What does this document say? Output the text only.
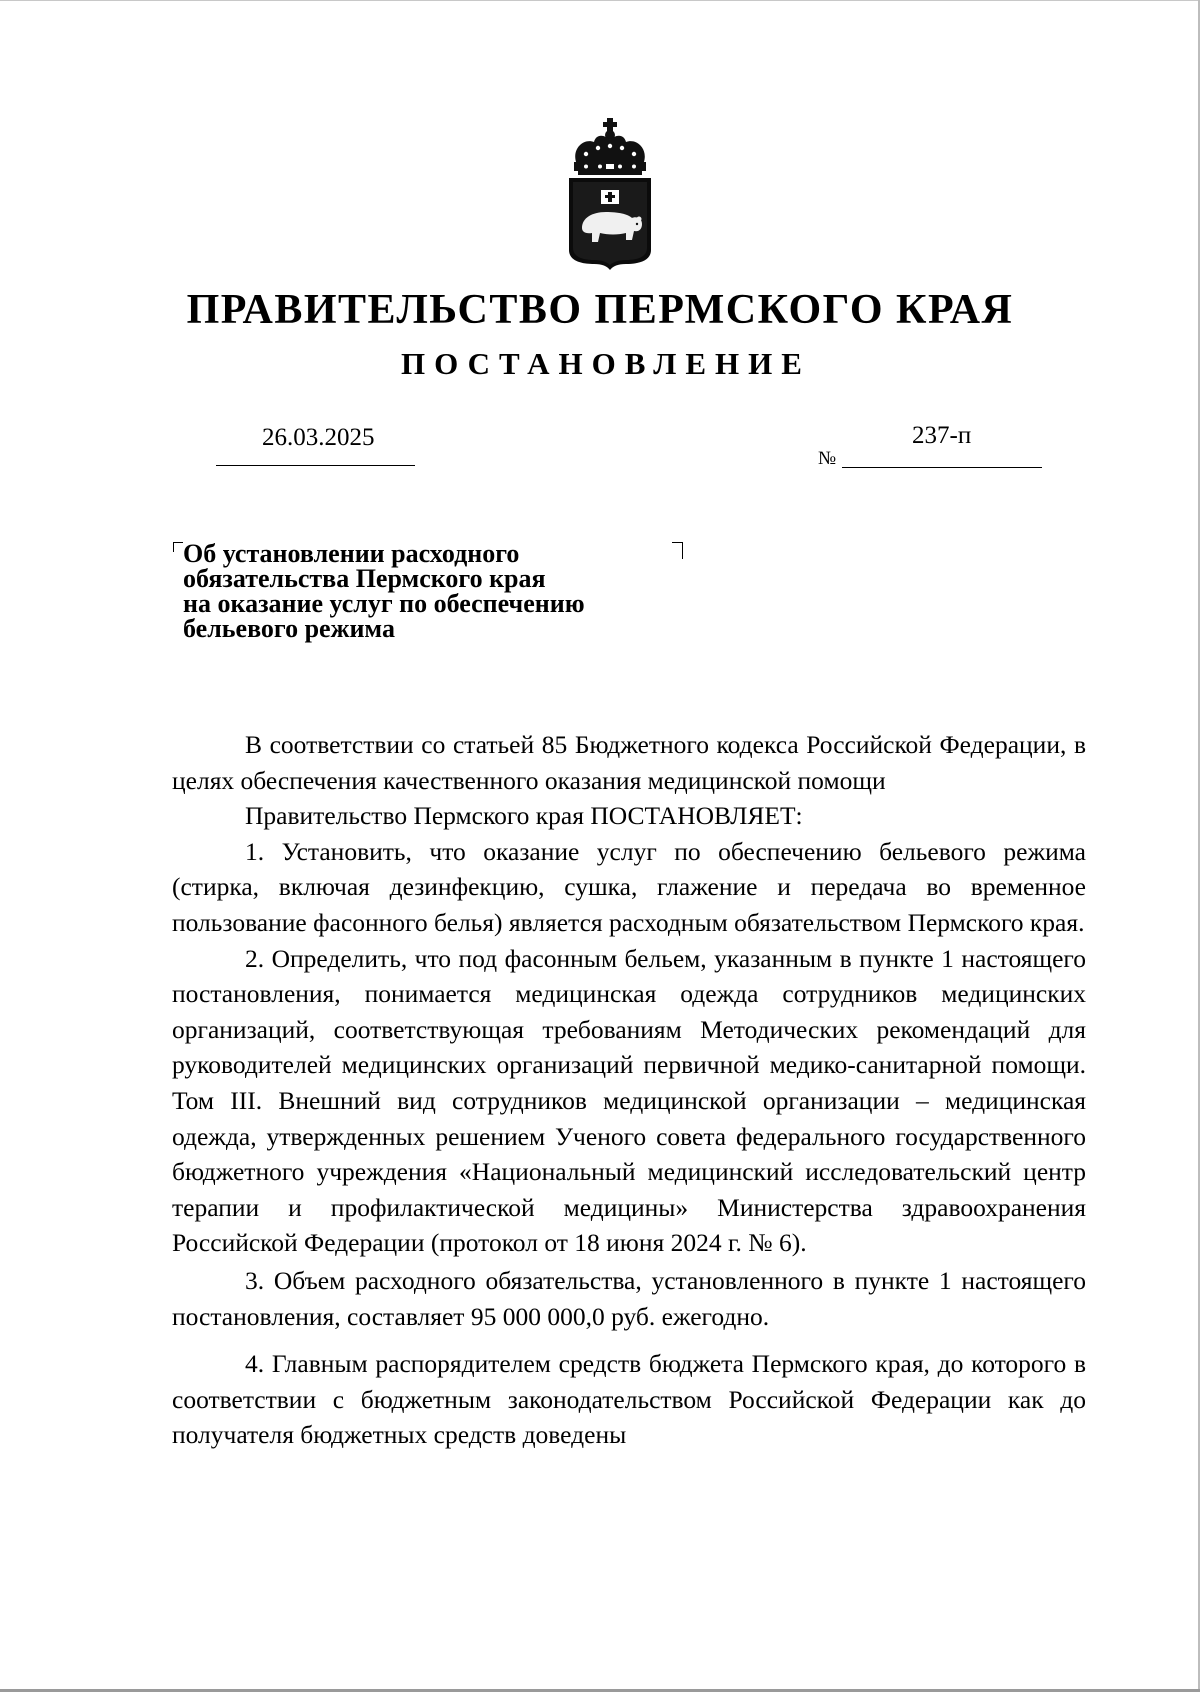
ПРАВИТЕЛЬСТВО ПЕРМСКОГО КРАЯ
ПОСТАНОВЛЕНИЕ
26.03.2025
№
237-п
Об установлении расходного
обязательства Пермского края
на оказание услуг по обеспечению
бельевого режима

В соответствии со статьей 85 Бюджетного кодекса Российской Федерации, в целях обеспечения качественного оказания медицинской помощи

Правительство Пермского края ПОСТАНОВЛЯЕТ:

1. Установить, что оказание услуг по обеспечению бельевого режима (стирка, включая дезинфекцию, сушка, глажение и передача во временное пользование фасонного белья) является расходным обязательством Пермского края.

2. Определить, что под фасонным бельем, указанным в пункте 1 настоящего постановления, понимается медицинская одежда сотрудников медицинских организаций, соответствующая требованиям Методических рекомендаций для руководителей медицинских организаций первичной медико-санитарной помощи. Том III. Внешний вид сотрудников медицинской организации – медицинская одежда, утвержденных решением Ученого совета федерального государственного бюджетного учреждения «Национальный медицинский исследовательский центр терапии и профилактической медицины» Министерства здравоохранения Российской Федерации (протокол от 18 июня 2024 г. № 6).

3. Объем расходного обязательства, установленного в пункте 1 настоящего постановления, составляет 95 000 000,0 руб. ежегодно.

4. Главным распорядителем средств бюджета Пермского края, до которого в соответствии с бюджетным законодательством Российской Федерации как до получателя бюджетных средств доведены
